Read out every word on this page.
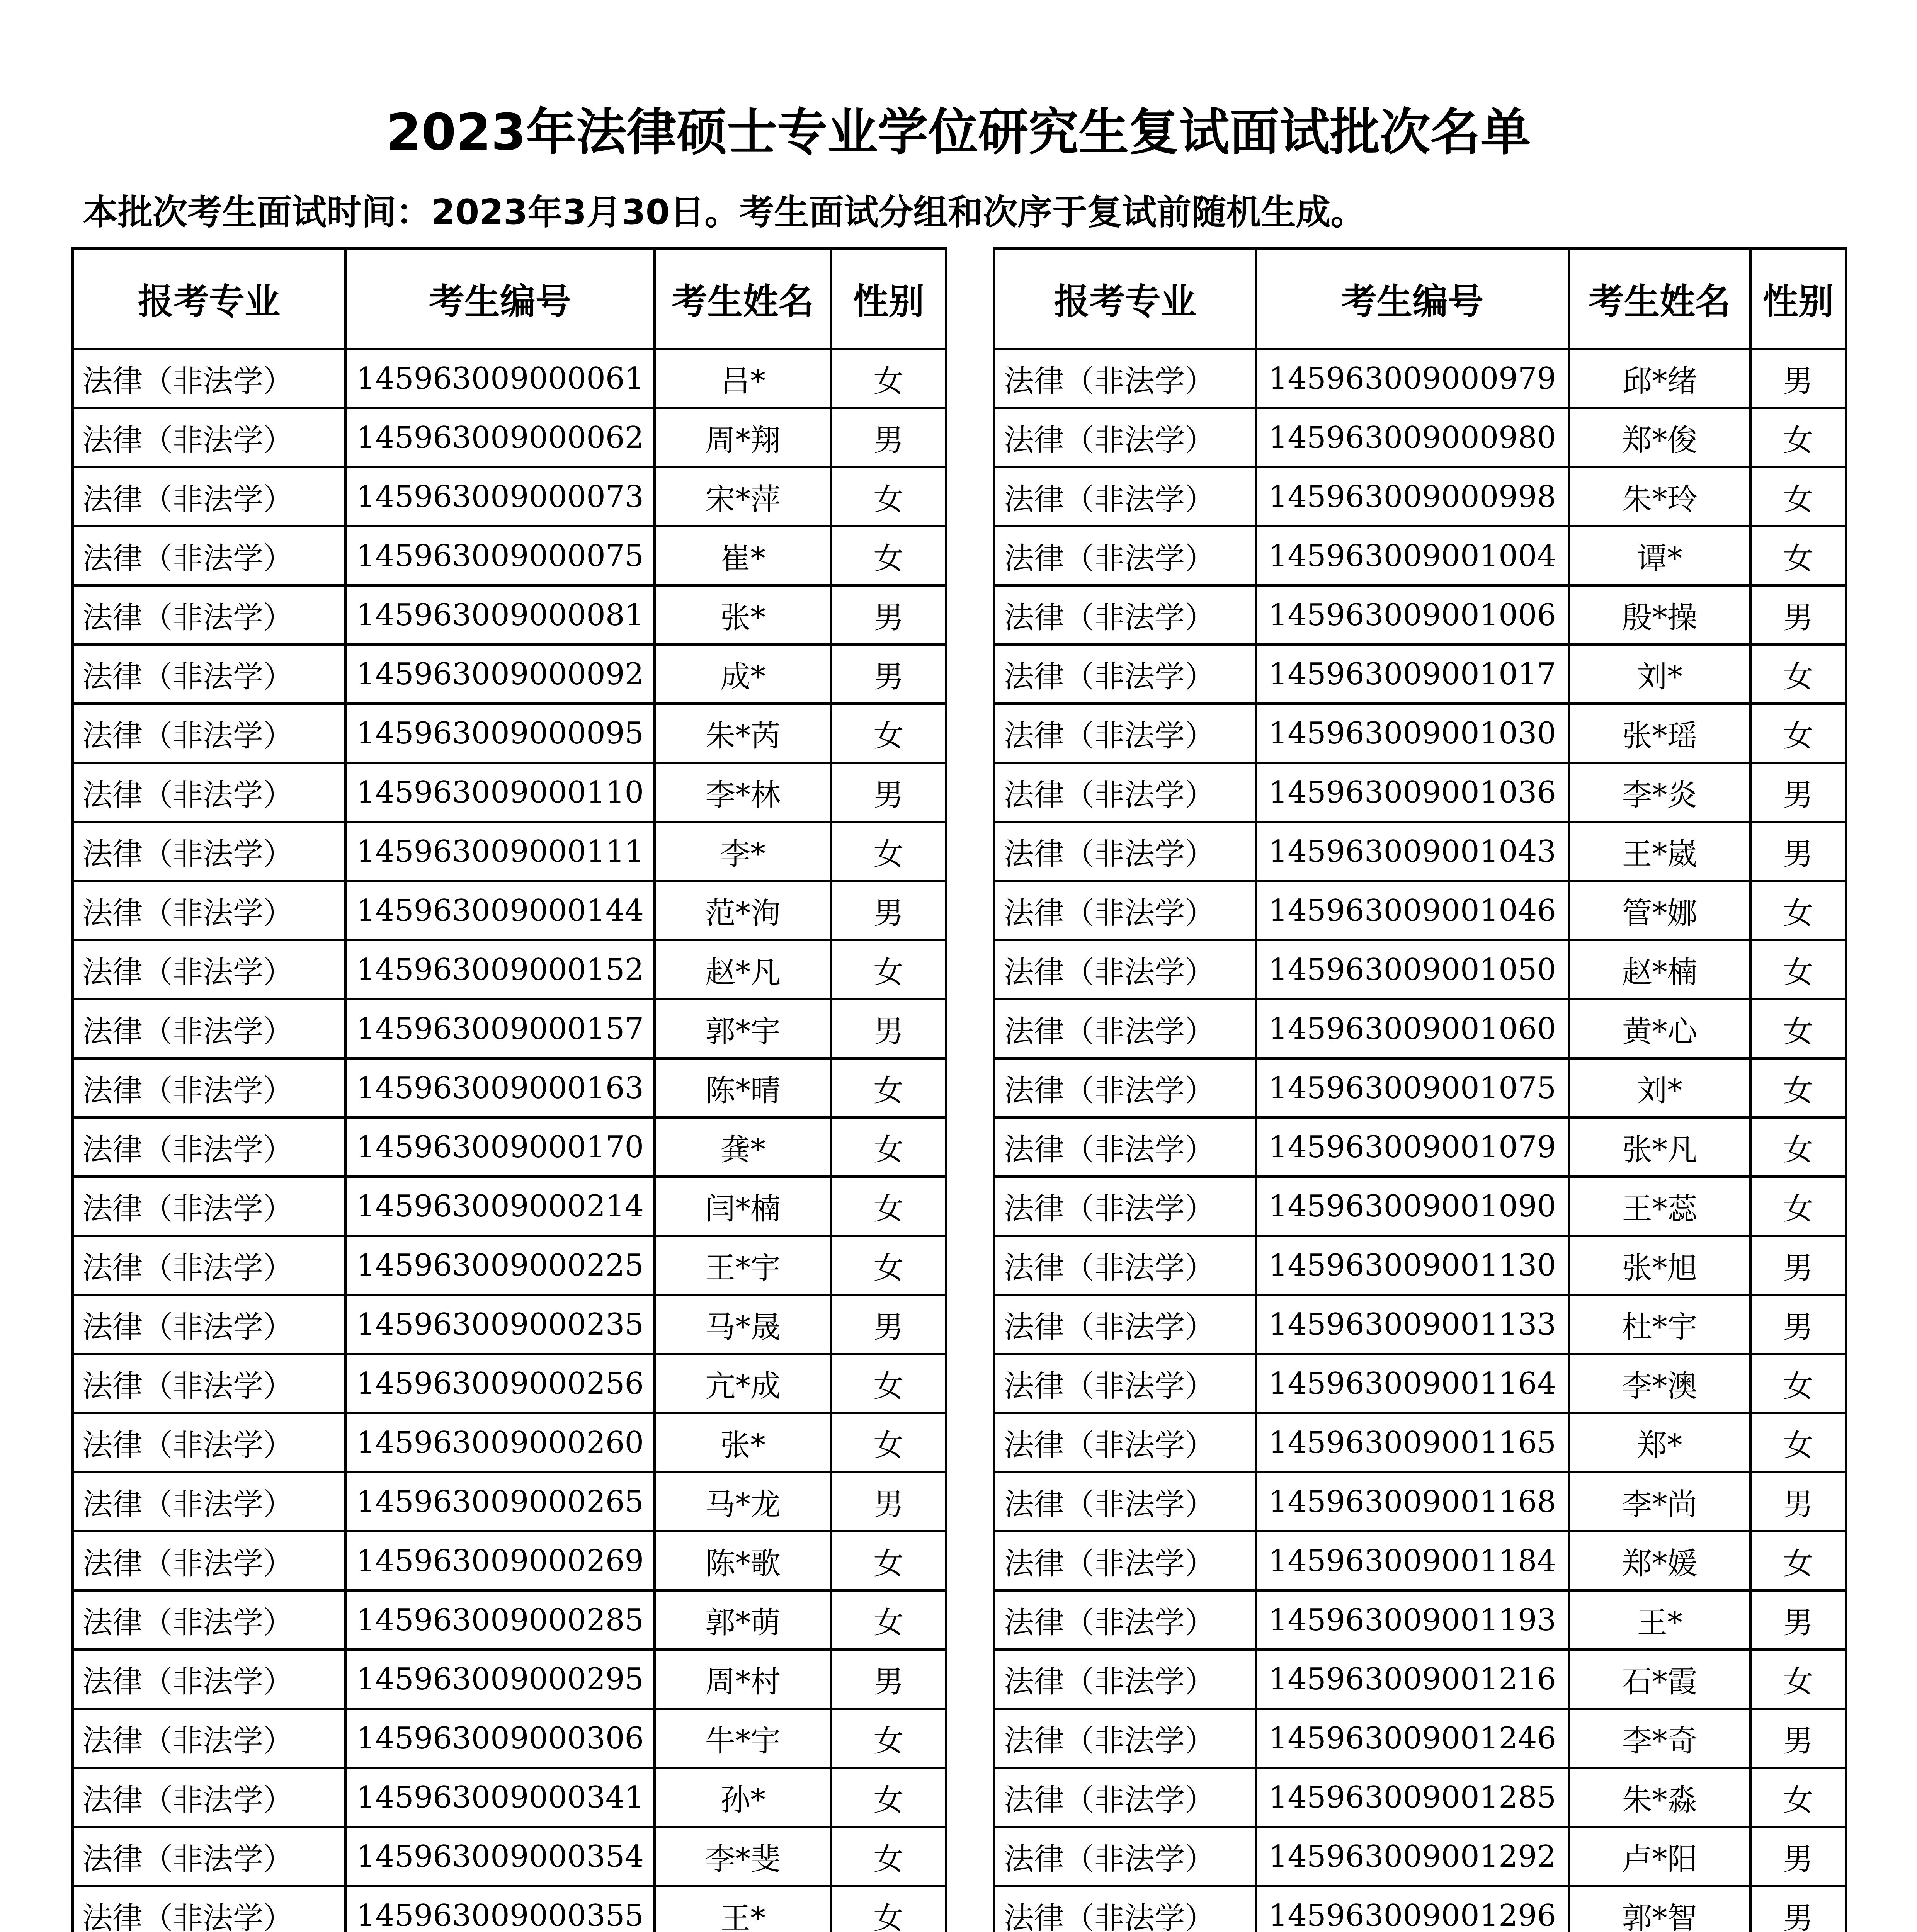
2023年法律硕士专业学位研究生复试面试批次名单
本批次考生面试时间：2023年3月30日。考生面试分组和次序于复试前随机生成。
报考专业	考生编号	考生姓名	性别
法律（非法学）	145963009000061	吕*	女
法律（非法学）	145963009000062	周*翔	男
法律（非法学）	145963009000073	宋*萍	女
法律（非法学）	145963009000075	崔*	女
法律（非法学）	145963009000081	张*	男
法律（非法学）	145963009000092	成*	男
法律（非法学）	145963009000095	朱*芮	女
法律（非法学）	145963009000110	李*林	男
法律（非法学）	145963009000111	李*	女
法律（非法学）	145963009000144	范*洵	男
法律（非法学）	145963009000152	赵*凡	女
法律（非法学）	145963009000157	郭*宇	男
法律（非法学）	145963009000163	陈*晴	女
法律（非法学）	145963009000170	龚*	女
法律（非法学）	145963009000214	闫*楠	女
法律（非法学）	145963009000225	王*宇	女
法律（非法学）	145963009000235	马*晟	男
法律（非法学）	145963009000256	亢*成	女
法律（非法学）	145963009000260	张*	女
法律（非法学）	145963009000265	马*龙	男
法律（非法学）	145963009000269	陈*歌	女
法律（非法学）	145963009000285	郭*萌	女
法律（非法学）	145963009000295	周*村	男
法律（非法学）	145963009000306	牛*宇	女
法律（非法学）	145963009000341	孙*	女
法律（非法学）	145963009000354	李*斐	女
法律（非法学）	145963009000355	王*	女

报考专业	考生编号	考生姓名	性别
法律（非法学）	145963009000979	邱*绪	男
法律（非法学）	145963009000980	郑*俊	女
法律（非法学）	145963009000998	朱*玲	女
法律（非法学）	145963009001004	谭*	女
法律（非法学）	145963009001006	殷*操	男
法律（非法学）	145963009001017	刘*	女
法律（非法学）	145963009001030	张*瑶	女
法律（非法学）	145963009001036	李*炎	男
法律（非法学）	145963009001043	王*崴	男
法律（非法学）	145963009001046	管*娜	女
法律（非法学）	145963009001050	赵*楠	女
法律（非法学）	145963009001060	黄*心	女
法律（非法学）	145963009001075	刘*	女
法律（非法学）	145963009001079	张*凡	女
法律（非法学）	145963009001090	王*蕊	女
法律（非法学）	145963009001130	张*旭	男
法律（非法学）	145963009001133	杜*宇	男
法律（非法学）	145963009001164	李*澳	女
法律（非法学）	145963009001165	郑*	女
法律（非法学）	145963009001168	李*尚	男
法律（非法学）	145963009001184	郑*媛	女
法律（非法学）	145963009001193	王*	男
法律（非法学）	145963009001216	石*霞	女
法律（非法学）	145963009001246	李*奇	男
法律（非法学）	145963009001285	朱*淼	女
法律（非法学）	145963009001292	卢*阳	男
法律（非法学）	145963009001296	郭*智	男
